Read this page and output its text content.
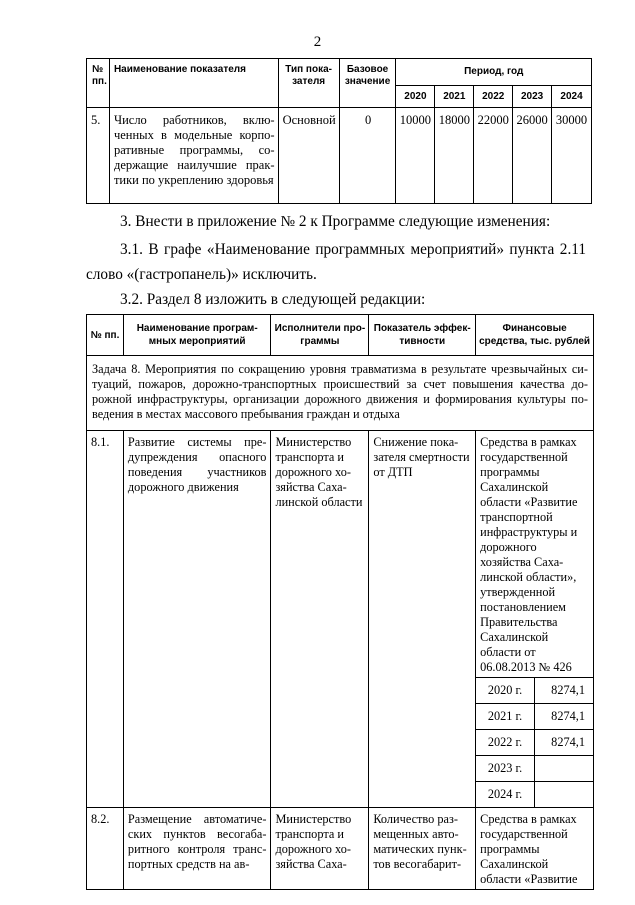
2
№ пп.	Наименование показателя	Тип показателя	Базовое значение	Период, год				
				2020	2021	2022	2023	2024
5.	Число работников, включенных в модельные корпоративные программы, содержащие наилучшие практики по укреплению здоровья	Основной	0	10000	18000	22000	26000	30000
3. Внести в приложение № 2 к Программе следующие изменения:
3.1. В графе «Наименование программных мероприятий» пункта 2.11
слово «(гастропанель)» исключить.
3.2. Раздел 8 изложить в следующей редакции:
№ пп.	Наименование программных мероприятий	Исполнители программы	Показатель эффективности	Финансовые средства, тыс. рублей	
Задача 8. Мероприятия по сокращению уровня травматизма в результате чрезвычайных ситуаций, пожаров, дорожно-транспортных происшествий за счет повышения качества дорожной инфраструктуры, организации дорожного движения и формирования культуры поведения в местах массового пребывания граждан и отдыха					
8.1.	Развитие системы предупреждения опасного поведения участников дорожного движения	Министерство транспорта и дорожного хозяйства Сахалинской области	Снижение показателя смертности от ДТП	Средства в рамках государственной программы Сахалинской области «Развитие транспортной инфраструктуры и дорожного хозяйства Сахалинской области», утвержденной постановлением Правительства Сахалинской области от 06.08.2013 № 426	
				2020 г.	8274,1
				2021 г.	8274,1
				2022 г.	8274,1
				2023 г.	
				2024 г.	
8.2.	Размещение автоматических пунктов весогабаритного контроля транспортных средств на ав-	Министерство транспорта и дорожного хозяйства Саха-	Количество размещенных автоматических пунктов весогабарит-	Средства в рамках государственной программы Сахалинской области «Развитие	
